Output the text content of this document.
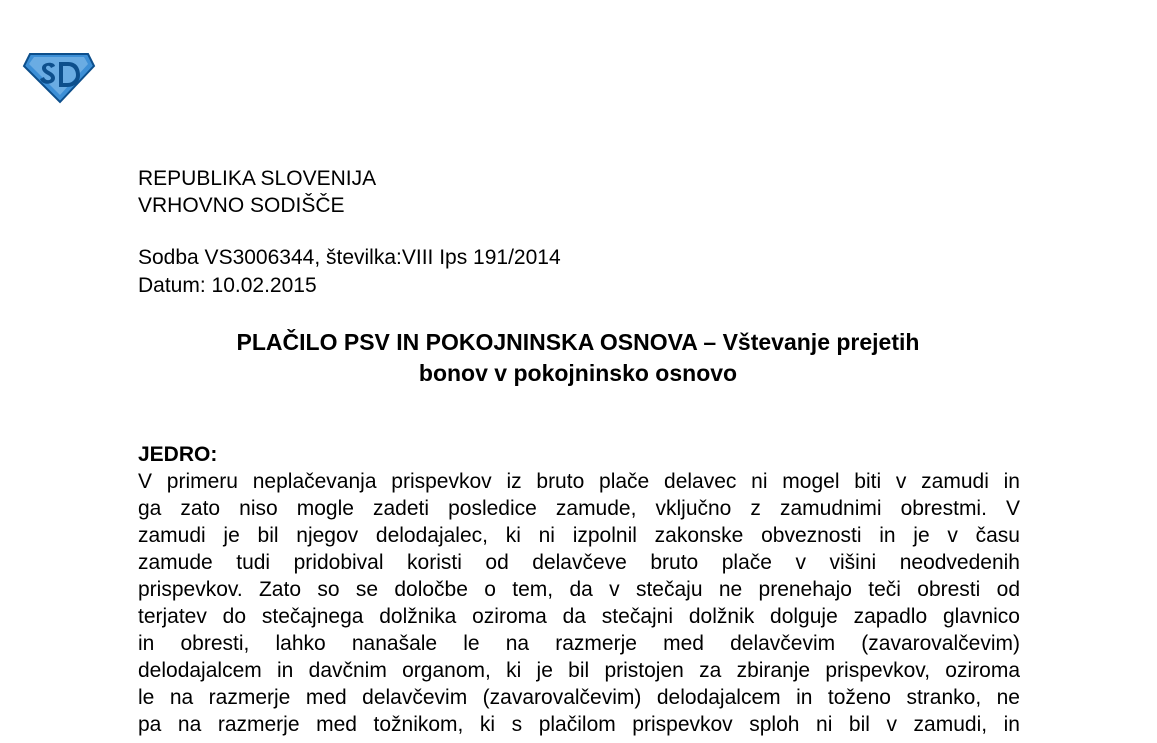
REPUBLIKA SLOVENIJA
VRHOVNO SODIŠČE
Sodba VS3006344, številka:VIII Ips 191/2014
Datum: 10.02.2015
PLAČILO PSV IN POKOJNINSKA OSNOVA – Vštevanje prejetih
bonov v pokojninsko osnovo
JEDRO:
V primeru neplačevanja prispevkov iz bruto plače delavec ni mogel biti v zamudi in
ga zato niso mogle zadeti posledice zamude, vključno z zamudnimi obrestmi. V
zamudi je bil njegov delodajalec, ki ni izpolnil zakonske obveznosti in je v času
zamude tudi pridobival koristi od delavčeve bruto plače v višini neodvedenih
prispevkov. Zato so se določbe o tem, da v stečaju ne prenehajo teči obresti od
terjatev do stečajnega dolžnika oziroma da stečajni dolžnik dolguje zapadlo glavnico
in obresti, lahko nanašale le na razmerje med delavčevim (zavarovalčevim)
delodajalcem in davčnim organom, ki je bil pristojen za zbiranje prispevkov, oziroma
le na razmerje med delavčevim (zavarovalčevim) delodajalcem in toženo stranko, ne
pa na razmerje med tožnikom, ki s plačilom prispevkov sploh ni bil v zamudi, in
